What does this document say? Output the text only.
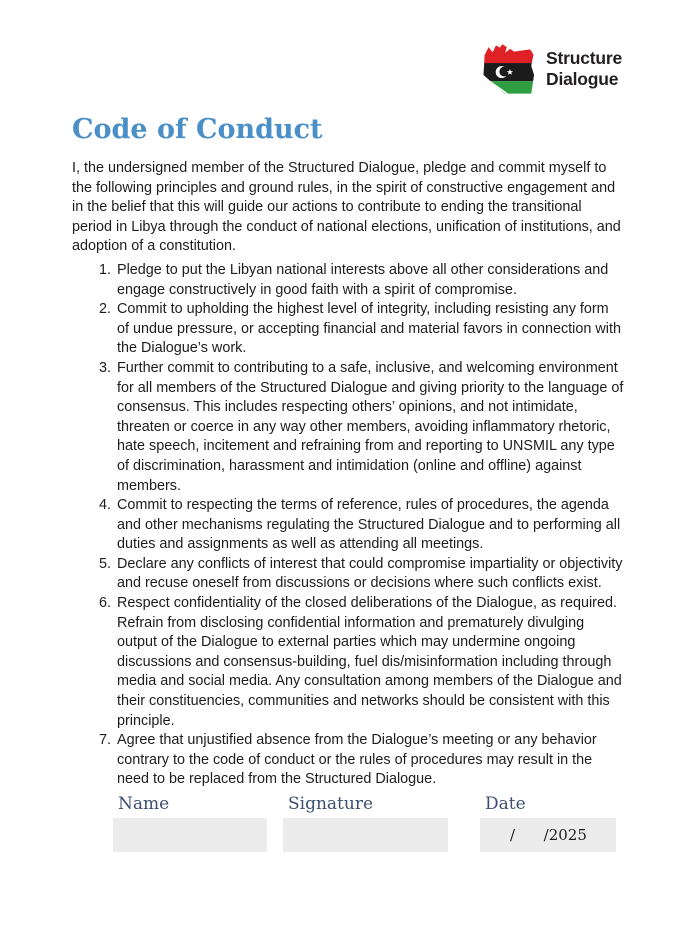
Structure
Dialogue
Code of Conduct

I, the undersigned member of the Structured Dialogue, pledge and commit myself to the following principles and ground rules, in the spirit of constructive engagement and in the belief that this will guide our actions to contribute to ending the transitional period in Libya through the conduct of national elections, unification of institutions, and adoption of a constitution.

1. Pledge to put the Libyan national interests above all other considerations and engage constructively in good faith with a spirit of compromise.
2. Commit to upholding the highest level of integrity, including resisting any form of undue pressure, or accepting financial and material favors in connection with the Dialogue’s work.
3. Further commit to contributing to a safe, inclusive, and welcoming environment for all members of the Structured Dialogue and giving priority to the language of consensus. This includes respecting others’ opinions, and not intimidate, threaten or coerce in any way other members, avoiding inflammatory rhetoric, hate speech, incitement and refraining from and reporting to UNSMIL any type of discrimination, harassment and intimidation (online and offline) against members.
4. Commit to respecting the terms of reference, rules of procedures, the agenda and other mechanisms regulating the Structured Dialogue and to performing all duties and assignments as well as attending all meetings.
5. Declare any conflicts of interest that could compromise impartiality or objectivity and recuse oneself from discussions or decisions where such conflicts exist.
6. Respect confidentiality of the closed deliberations of the Dialogue, as required. Refrain from disclosing confidential information and prematurely divulging output of the Dialogue to external parties which may undermine ongoing discussions and consensus-building, fuel dis/misinformation including through media and social media. Any consultation among members of the Dialogue and their constituencies, communities and networks should be consistent with this principle.
7. Agree that unjustified absence from the Dialogue’s meeting or any behavior contrary to the code of conduct or the rules of procedures may result in the need to be replaced from the Structured Dialogue.
Name	Signature	Date
/      /2025
